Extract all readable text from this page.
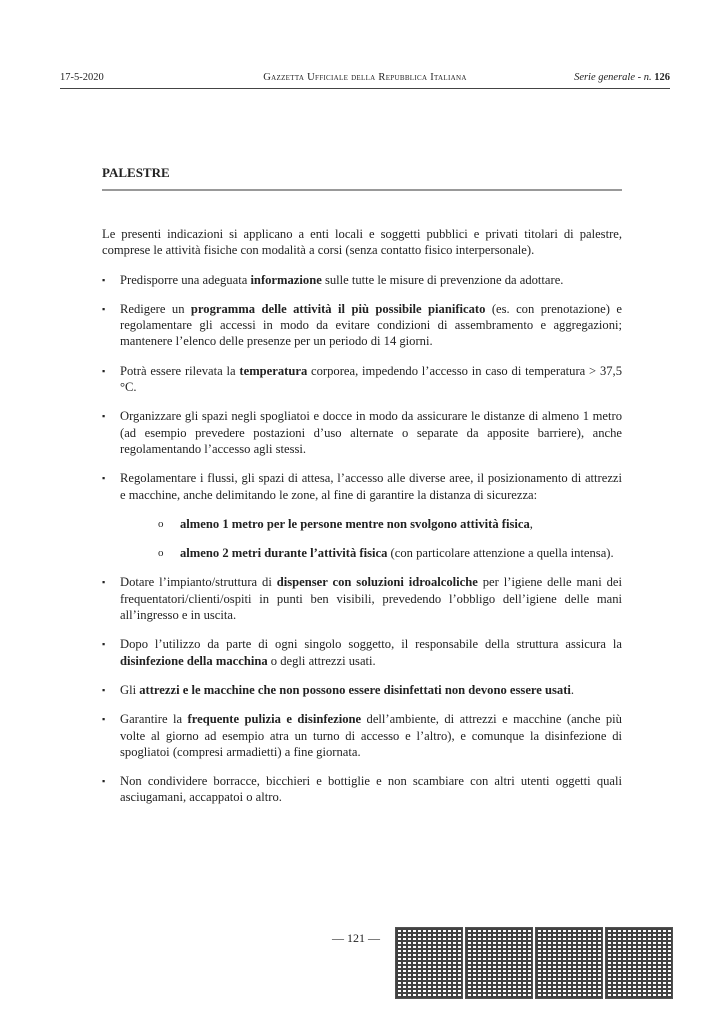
17-5-2020	Gazzetta Ufficiale della Repubblica Italiana	Serie generale - n. 126
PALESTRE

Le presenti indicazioni si applicano a enti locali e soggetti pubblici e privati titolari di palestre, comprese le attività fisiche con modalità a corsi (senza contatto fisico interpersonale).

▪ Predisporre una adeguata informazione sulle tutte le misure di prevenzione da adottare.
▪ Redigere un programma delle attività il più possibile pianificato (es. con prenotazione) e regolamentare gli accessi in modo da evitare condizioni di assembramento e aggregazioni; mantenere l’elenco delle presenze per un periodo di 14 giorni.
▪ Potrà essere rilevata la temperatura corporea, impedendo l’accesso in caso di temperatura > 37,5 °C.
▪ Organizzare gli spazi negli spogliatoi e docce in modo da assicurare le distanze di almeno 1 metro (ad esempio prevedere postazioni d’uso alternate o separate da apposite barriere), anche regolamentando l’accesso agli stessi.
▪ Regolamentare i flussi, gli spazi di attesa, l’accesso alle diverse aree, il posizionamento di attrezzi e macchine, anche delimitando le zone, al fine di garantire la distanza di sicurezza:
o almeno 1 metro per le persone mentre non svolgono attività fisica,
o almeno 2 metri durante l’attività fisica (con particolare attenzione a quella intensa).
▪ Dotare l’impianto/struttura di dispenser con soluzioni idroalcoliche per l’igiene delle mani dei frequentatori/clienti/ospiti in punti ben visibili, prevedendo l’obbligo dell’igiene delle mani all’ingresso e in uscita.
▪ Dopo l’utilizzo da parte di ogni singolo soggetto, il responsabile della struttura assicura la disinfezione della macchina o degli attrezzi usati.
▪ Gli attrezzi e le macchine che non possono essere disinfettati non devono essere usati.
▪ Garantire la frequente pulizia e disinfezione dell’ambiente, di attrezzi e macchine (anche più volte al giorno ad esempio atra un turno di accesso e l’altro), e comunque la disinfezione di spogliatoi (compresi armadietti) a fine giornata.
▪ Non condividere borracce, bicchieri e bottiglie e non scambiare con altri utenti oggetti quali asciugamani, accappatoi o altro.
— 121 —
